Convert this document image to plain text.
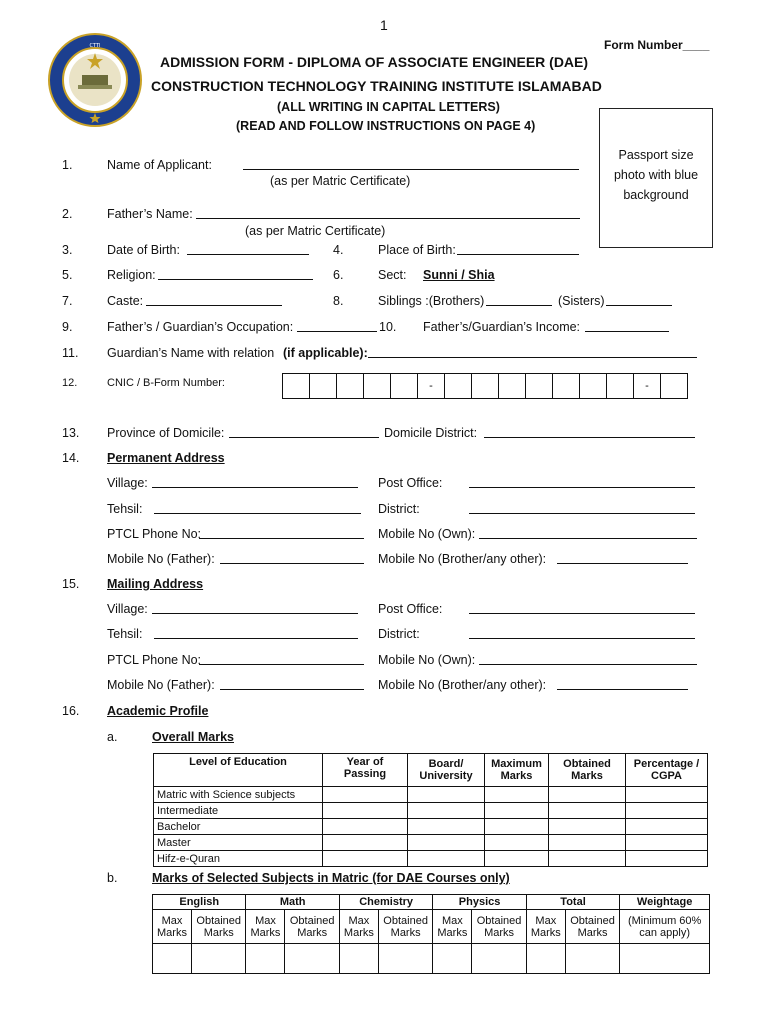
1
Form Number____
CTTI
ADMISSION FORM - DIPLOMA OF ASSOCIATE ENGINEER (DAE)
CONSTRUCTION TECHNOLOGY TRAINING INSTITUTE ISLAMABAD
(ALL WRITING IN CAPITAL LETTERS)
(READ AND FOLLOW INSTRUCTIONS ON PAGE 4)
Passport size
photo with blue
background
1.	Name of Applicant:
(as per Matric Certificate)
2.	Father’s Name:
(as per Matric Certificate)
3.	Date of Birth:	4.	Place of Birth:
5.	Religion:	6.	Sect: Sunni / Shia
7.	Caste:	8.	Siblings :(Brothers)	(Sisters)
9.	Father’s / Guardian’s Occupation:	10. Father’s/Guardian’s Income:
11. Guardian’s Name with relation (if applicable):
12.	CNIC / B-Form Number:	-	-
13. Province of Domicile:	Domicile District:
14. Permanent Address
Village:	Post Office:
Tehsil:	District:
PTCL Phone No:	Mobile No (Own):
Mobile No (Father):	Mobile No (Brother/any other):
15. Mailing Address
Village:	Post Office:
Tehsil:	District:
PTCL Phone No:	Mobile No (Own):
Mobile No (Father):	Mobile No (Brother/any other):
16. Academic Profile
a.	Overall Marks
Level of Education	Year of Passing	Board/ University	Maximum Marks	Obtained Marks	Percentage / CGPA
Matric with Science subjects					
Intermediate					
Bachelor					
Master					
Hifz-e-Quran					
b.	Marks of Selected Subjects in Matric (for DAE Courses only)
English		Math		Chemistry		Physics		Total		Weightage
Max Marks	Obtained Marks	Max Marks	Obtained Marks	Max Marks	Obtained Marks	Max Marks	Obtained Marks	Max Marks	Obtained Marks	(Minimum 60% can apply)
